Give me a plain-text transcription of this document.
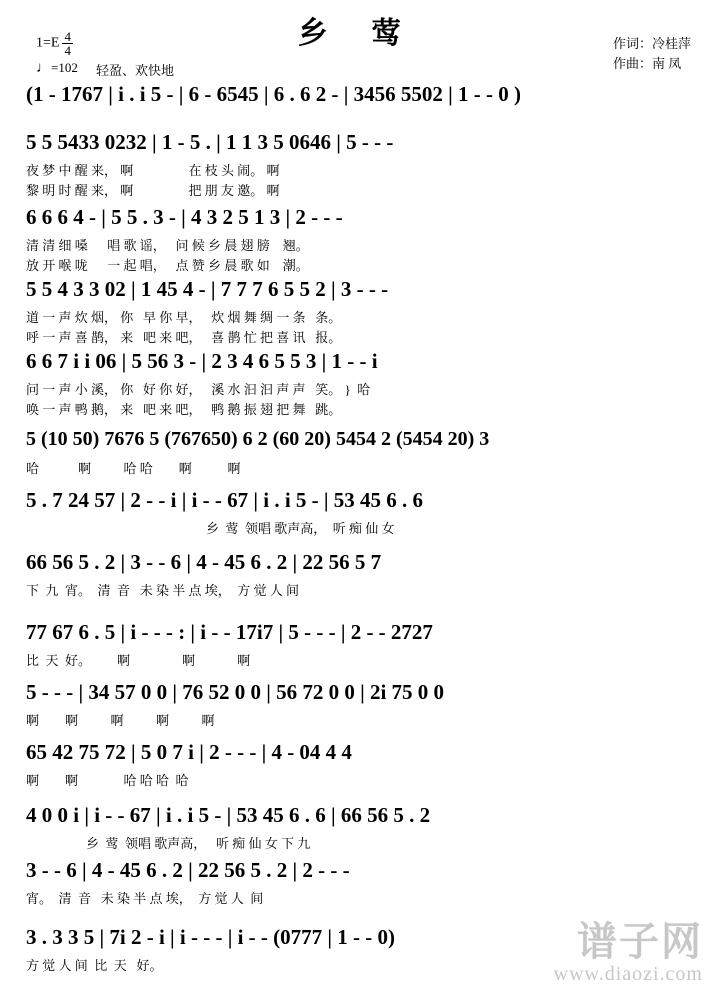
乡 莺
$1=E \frac{4}{4}$
♩=102 轻盈、欢快地
作词：冷桂萍
作曲：南 凤
(1 - 1767 | i . i 5 - | 6 - 6545 | 6 . 6 2 - | 3456 5502 | 1 - - 0 )
5 5 5433 0232 | 1 - 5 . | 1 1 3 5 0646 | 5 - - -
夜 梦 中 醒 来， 啊                 在 枝 头 闹。 啊
黎 明 时 醒 来， 啊                 把 朋 友 邀。 啊
6 6 6 4 - | 5 5 . 3 - | 4 3 2 5 1 3 | 2 - - -
清 清 细 嗓      唱 歌 谣，   问 候 乡 晨 翅 膀    翘。
放 开 喉 咙      一 起 唱，   点 赞 乡 晨 歌 如    潮。
5 5 4 3 3 02 | 1 45 4 - | 7 7 7 6 5 5 2 | 3 - - -
道 一 声 炊 烟， 你   早 你 早，   炊 烟 舞 绸 一 条   条。
呼 一 声 喜 鹊， 来   吧 来 吧，   喜 鹊 忙 把 喜 讯   报。
6 6 7 i i 06 | 5 56 3 - | 2 3 4 6 5 5 3 | 1 - - i
问 一 声 小 溪， 你   好 你 好，   溪 水 汩 汩 声 声   笑。 }  哈
唤 一 声 鸭 鹅， 来   吧 来 吧，   鸭 鹅 振 翅 把 舞   跳。
5 (10 50) 7676 5 (767650) 6 2 (60 20) 5454 2 (5454 20) 3
哈            啊          哈 哈        啊           啊
5 . 7 24 57 | 2 - - i | i - - 67 | i . i 5 - | 53 45 6 . 6
乡  莺  领唱 歌声高，  听 痴 仙 女
66 56 5 . 2 | 3 - - 6 | 4 - 45 6 . 2 | 22 56 5 7
下  九  宵。  清  音   未 染 半 点 埃，  方 觉 人 间
77 67 6 . 5 | i - - - : | i - - 17i7 | 5 - - - | 2 - - 2727
比  天  好。        啊                啊             啊
5 - - - | 34 57 0 0 | 76 52 0 0 | 56 72 0 0 | 2i 75 0 0
啊        啊          啊          啊          啊
65 42 75 72 | 5 0 7 i | 2 - - - | 4 - 04 4 4
啊        啊              哈 哈 哈  哈
4 0 0 i | i - - 67 | i . i 5 - | 53 45 6 . 6 | 66 56 5 . 2
乡  莺  领唱 歌声高，   听 痴 仙 女 下 九
3 - - 6 | 4 - 45 6 . 2 | 22 56 5 . 2 | 2 - - -
宵。  清  音   未 染 半 点 埃，  方 觉 人  间
3 . 3 3 5 | 7i 2 - i | i - - - | i - - (0777 | 1 - - 0)
方 觉 人 间  比  天   好。
谱子网
www.diaozi.com
